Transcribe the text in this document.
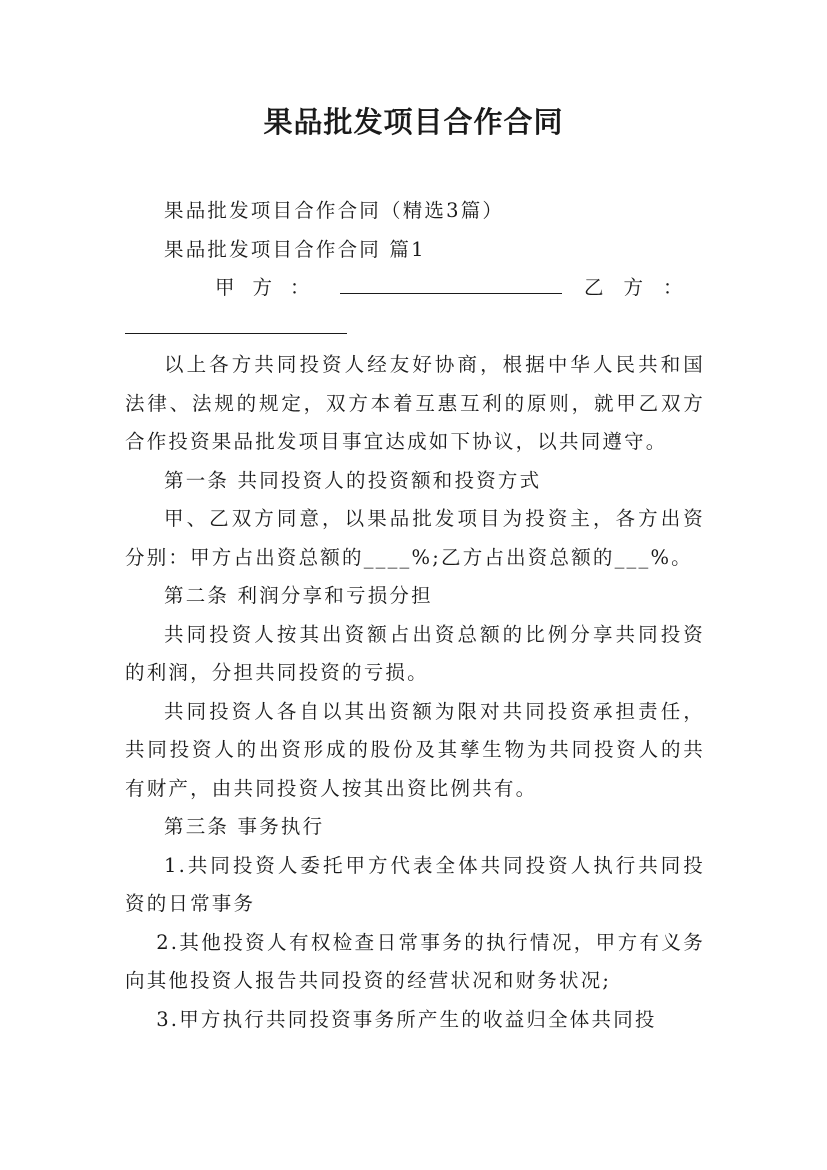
果品批发项目合作合同

果品批发项目合作合同（精选3篇）

果品批发项目合作合同 篇1

甲方：	乙方：

以上各方共同投资人经友好协商，根据中华人民共和国法律、法规的规定，双方本着互惠互利的原则，就甲乙双方合作投资果品批发项目事宜达成如下协议，以共同遵守。

第一条 共同投资人的投资额和投资方式

甲、乙双方同意，以果品批发项目为投资主，各方出资分别：甲方占出资总额的____%;乙方占出资总额的___%。

第二条 利润分享和亏损分担

共同投资人按其出资额占出资总额的比例分享共同投资的利润，分担共同投资的亏损。

共同投资人各自以其出资额为限对共同投资承担责任，共同投资人的出资形成的股份及其孳生物为共同投资人的共有财产，由共同投资人按其出资比例共有。

第三条 事务执行

1.共同投资人委托甲方代表全体共同投资人执行共同投资的日常事务

2.其他投资人有权检查日常事务的执行情况，甲方有义务向其他投资人报告共同投资的经营状况和财务状况;

3.甲方执行共同投资事务所产生的收益归全体共同投
